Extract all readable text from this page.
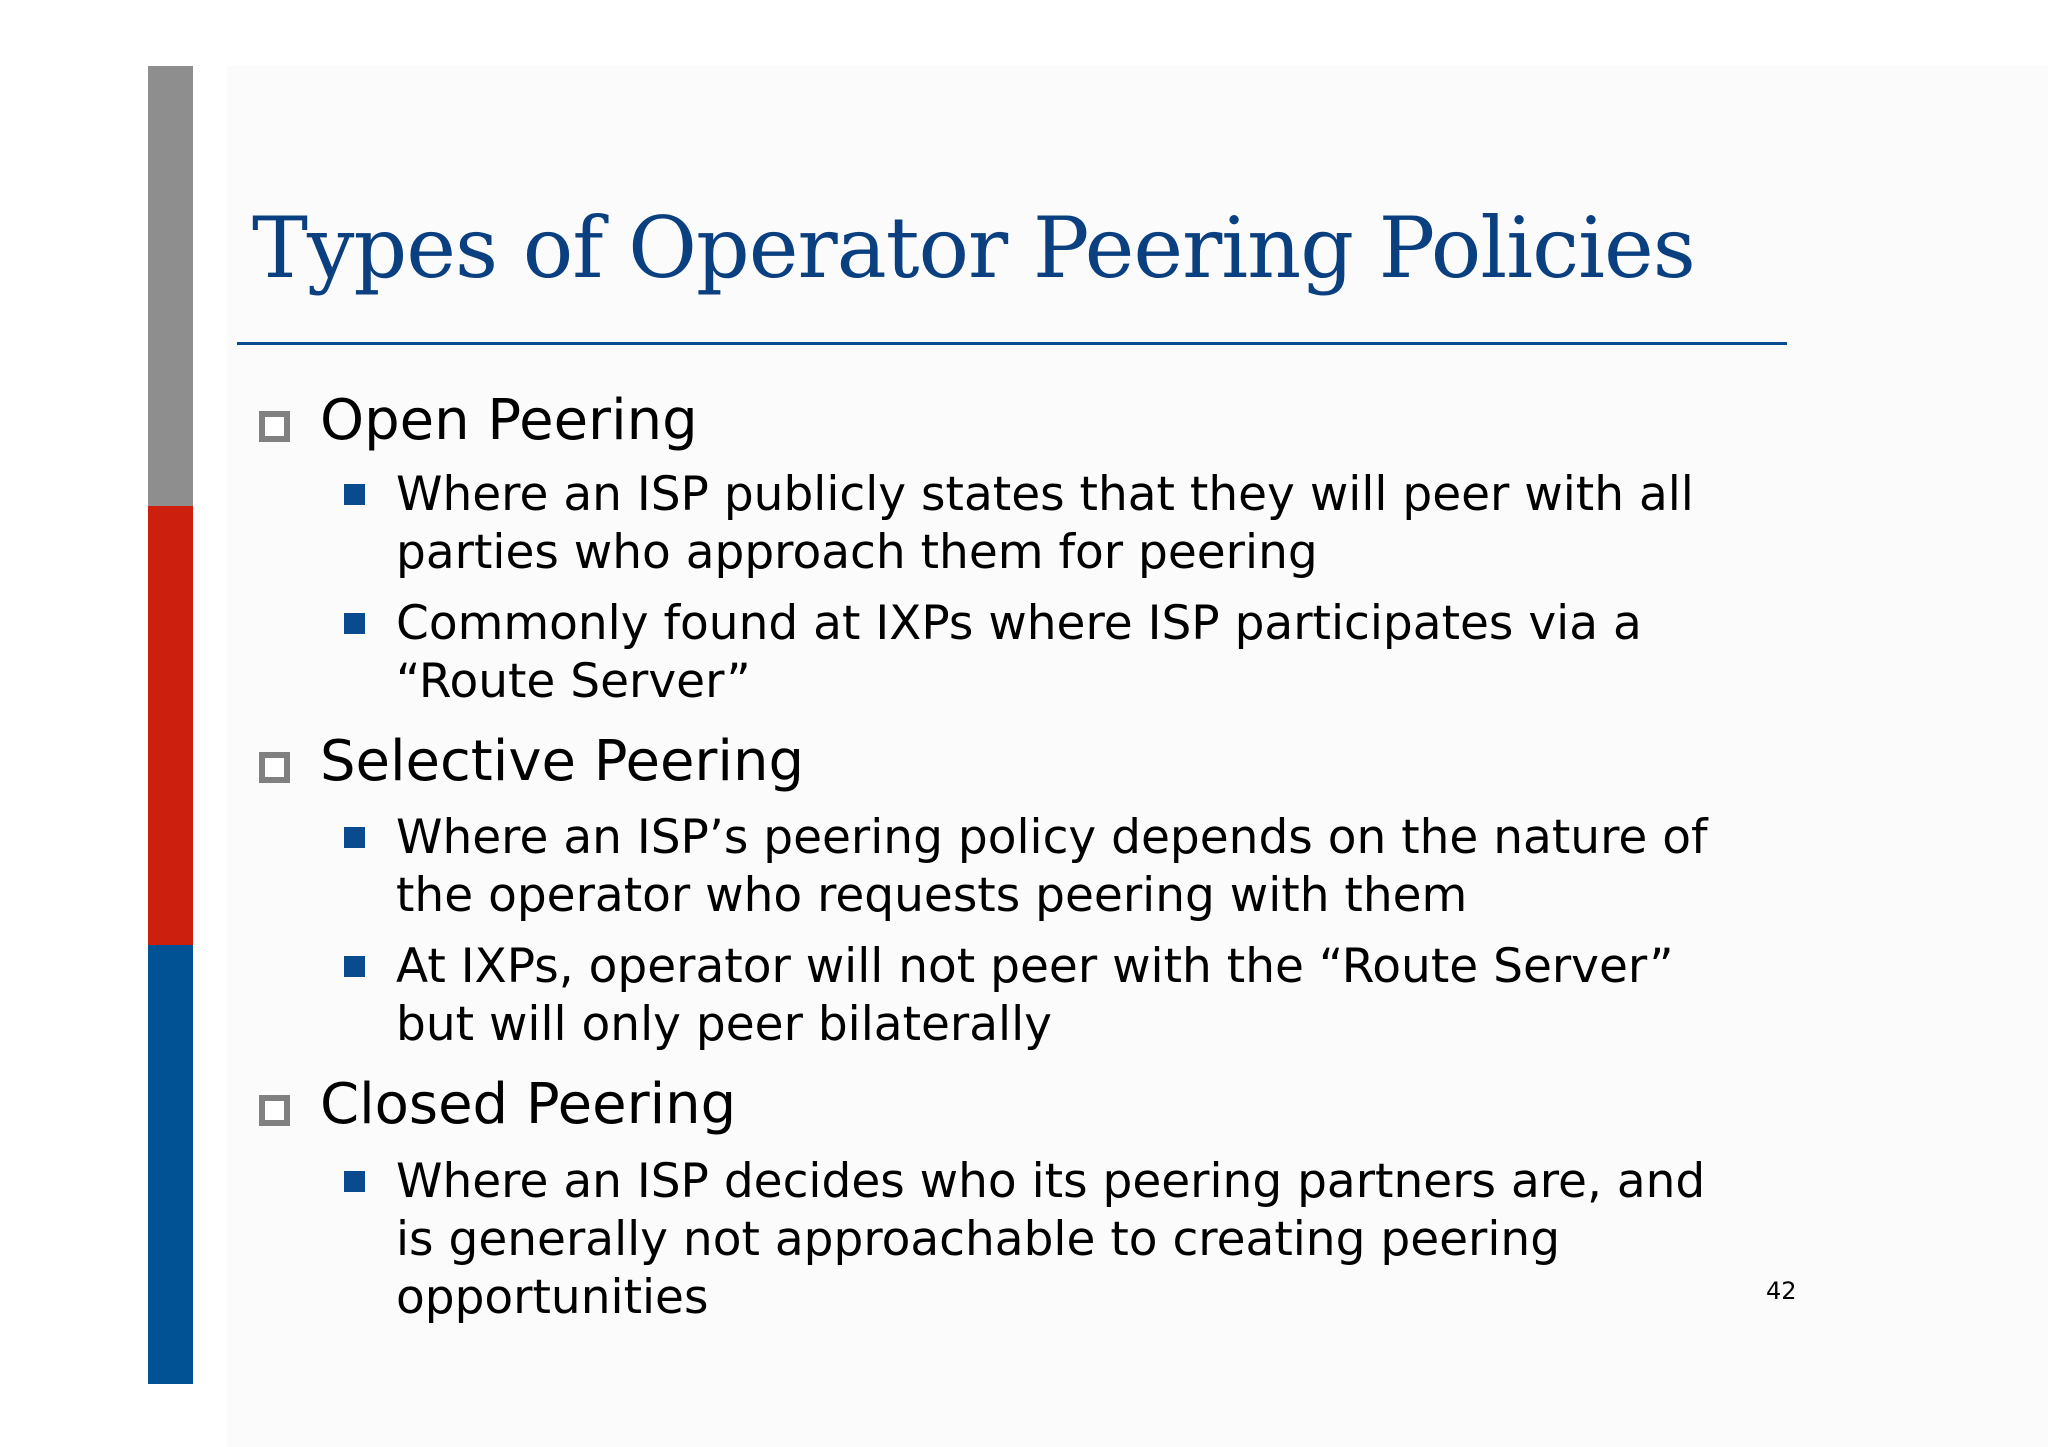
Types of Operator Peering Policies
Open Peering
Where an ISP publicly states that they will peer with all
parties who approach them for peering
Commonly found at IXPs where ISP participates via a
“Route Server”
Selective Peering
Where an ISP’s peering policy depends on the nature of
the operator who requests peering with them
At IXPs, operator will not peer with the “Route Server”
but will only peer bilaterally
Closed Peering
Where an ISP decides who its peering partners are, and
is generally not approachable to creating peering
opportunities	42
